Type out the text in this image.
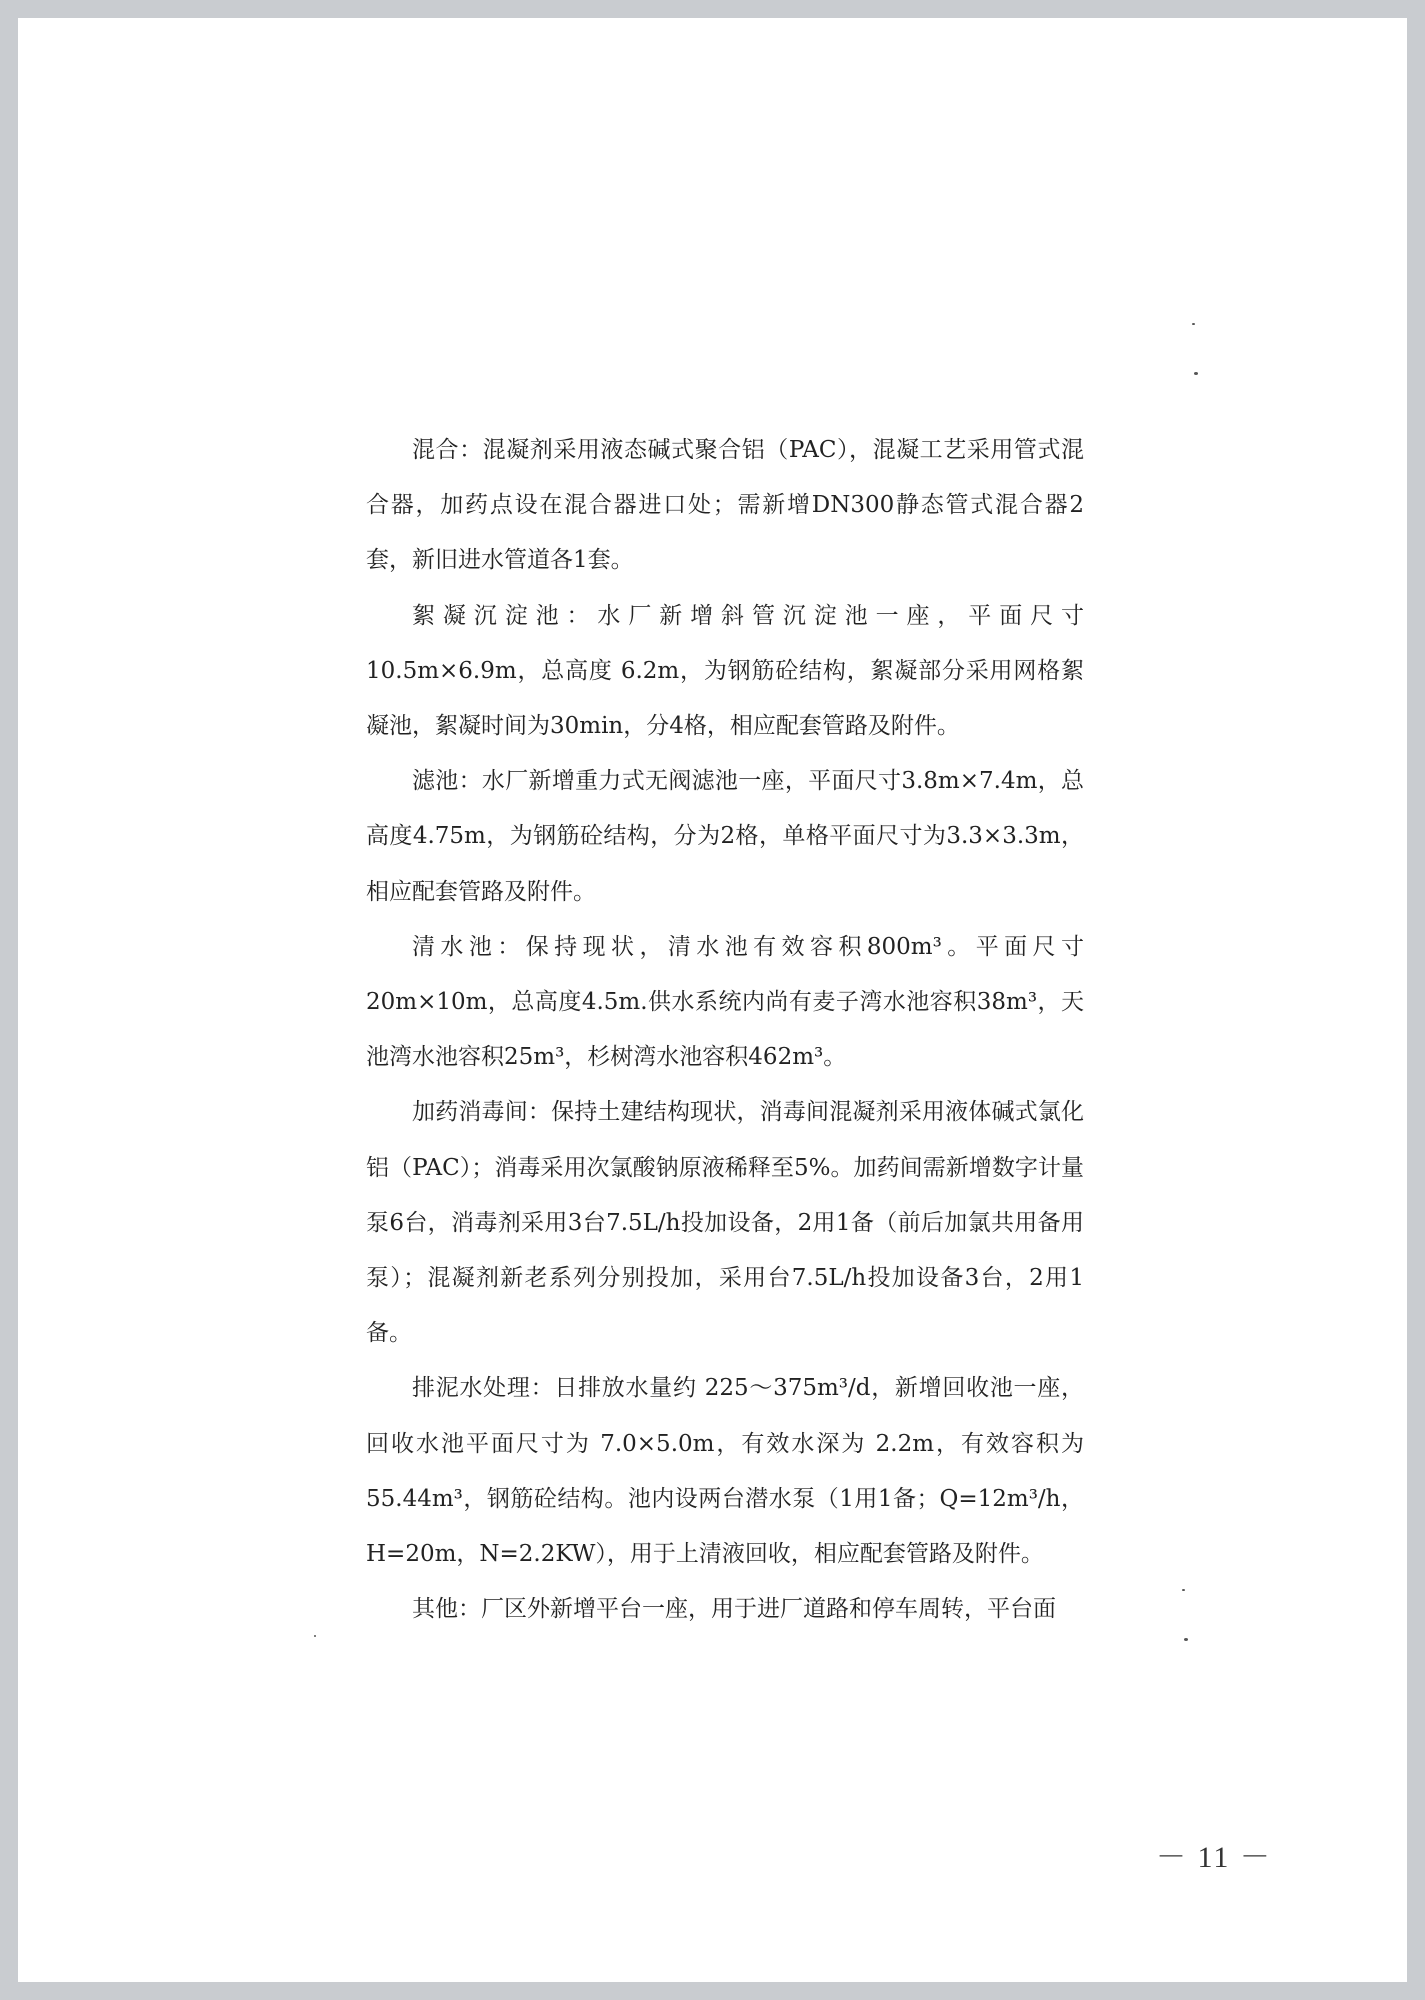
混合：混凝剂采用液态碱式聚合铝（PAC），混凝工艺采用管式混合器，加药点设在混合器进口处；需新增DN300静态管式混合器2套，新旧进水管道各1套。

絮凝沉淀池：水厂新增斜管沉淀池一座，平面尺寸10.5m×6.9m，总高度 6.2m，为钢筋砼结构，絮凝部分采用网格絮凝池，絮凝时间为30min，分4格，相应配套管路及附件。

滤池：水厂新增重力式无阀滤池一座，平面尺寸3.8m×7.4m，总高度4.75m，为钢筋砼结构，分为2格，单格平面尺寸为3.3×3.3m，相应配套管路及附件。

清水池：保持现状，清水池有效容积800m³。平面尺寸20m×10m，总高度4.5m.供水系统内尚有麦子湾水池容积38m³，天池湾水池容积25m³，杉树湾水池容积462m³。

加药消毒间：保持土建结构现状，消毒间混凝剂采用液体碱式氯化铝（PAC）；消毒采用次氯酸钠原液稀释至5%。加药间需新增数字计量泵6台，消毒剂采用3台7.5L/h投加设备，2用1备（前后加氯共用备用泵）；混凝剂新老系列分别投加，采用台7.5L/h投加设备3台，2用1备。

排泥水处理：日排放水量约 225～375m³/d，新增回收池一座，回收水池平面尺寸为 7.0×5.0m，有效水深为 2.2m，有效容积为55.44m³，钢筋砼结构。池内设两台潜水泵（1用1备；Q=12m³/h，H=20m，N=2.2KW），用于上清液回收，相应配套管路及附件。

其他：厂区外新增平台一座，用于进厂道路和停车周转，平台面

－ 11 －
